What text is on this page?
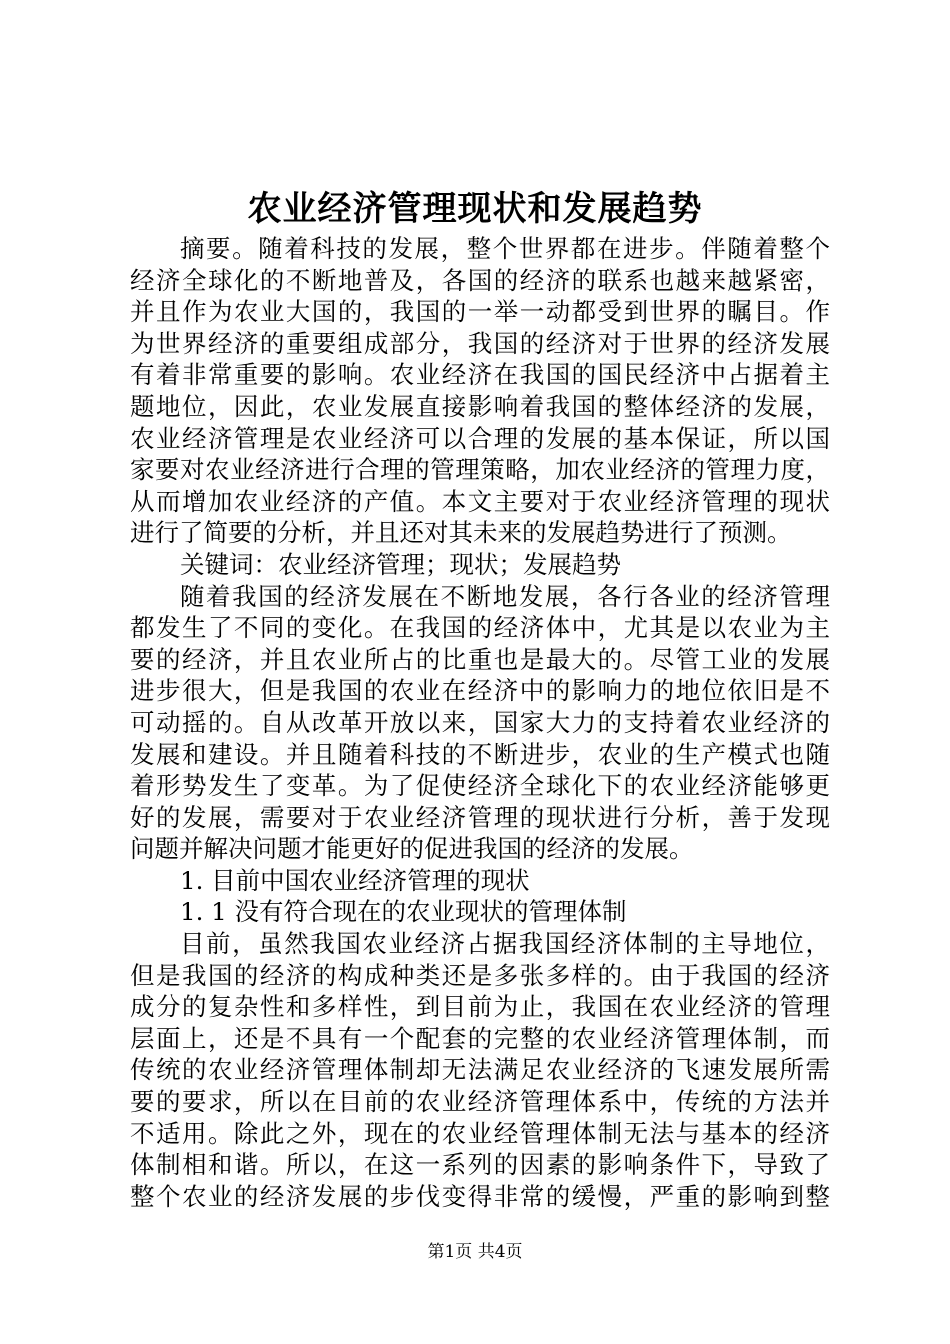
农业经济管理现状和发展趋势
摘要。随着科技的发展，整个世界都在进步。伴随着整个
经济全球化的不断地普及，各国的经济的联系也越来越紧密，
并且作为农业大国的，我国的一举一动都受到世界的瞩目。作
为世界经济的重要组成部分，我国的经济对于世界的经济发展
有着非常重要的影响。农业经济在我国的国民经济中占据着主
题地位，因此，农业发展直接影响着我国的整体经济的发展，
农业经济管理是农业经济可以合理的发展的基本保证，所以国
家要对农业经济进行合理的管理策略，加农业经济的管理力度，
从而增加农业经济的产值。本文主要对于农业经济管理的现状
进行了简要的分析，并且还对其未来的发展趋势进行了预测。
关键词：农业经济管理；现状；发展趋势
随着我国的经济发展在不断地发展，各行各业的经济管理
都发生了不同的变化。在我国的经济体中，尤其是以农业为主
要的经济，并且农业所占的比重也是最大的。尽管工业的发展
进步很大，但是我国的农业在经济中的影响力的地位依旧是不
可动摇的。自从改革开放以来，国家大力的支持着农业经济的
发展和建设。并且随着科技的不断进步，农业的生产模式也随
着形势发生了变革。为了促使经济全球化下的农业经济能够更
好的发展，需要对于农业经济管理的现状进行分析，善于发现
问题并解决问题才能更好的促进我国的经济的发展。
1. 目前中国农业经济管理的现状
1. 1 没有符合现在的农业现状的管理体制
目前，虽然我国农业经济占据我国经济体制的主导地位，
但是我国的经济的构成种类还是多张多样的。由于我国的经济
成分的复杂性和多样性，到目前为止，我国在农业经济的管理
层面上，还是不具有一个配套的完整的农业经济管理体制，而
传统的农业经济管理体制却无法满足农业经济的飞速发展所需
要的要求，所以在目前的农业经济管理体系中，传统的方法并
不适用。除此之外，现在的农业经管理体制无法与基本的经济
体制相和谐。所以，在这一系列的因素的影响条件下，导致了
整个农业的经济发展的步伐变得非常的缓慢，严重的影响到整
第1页 共4页
